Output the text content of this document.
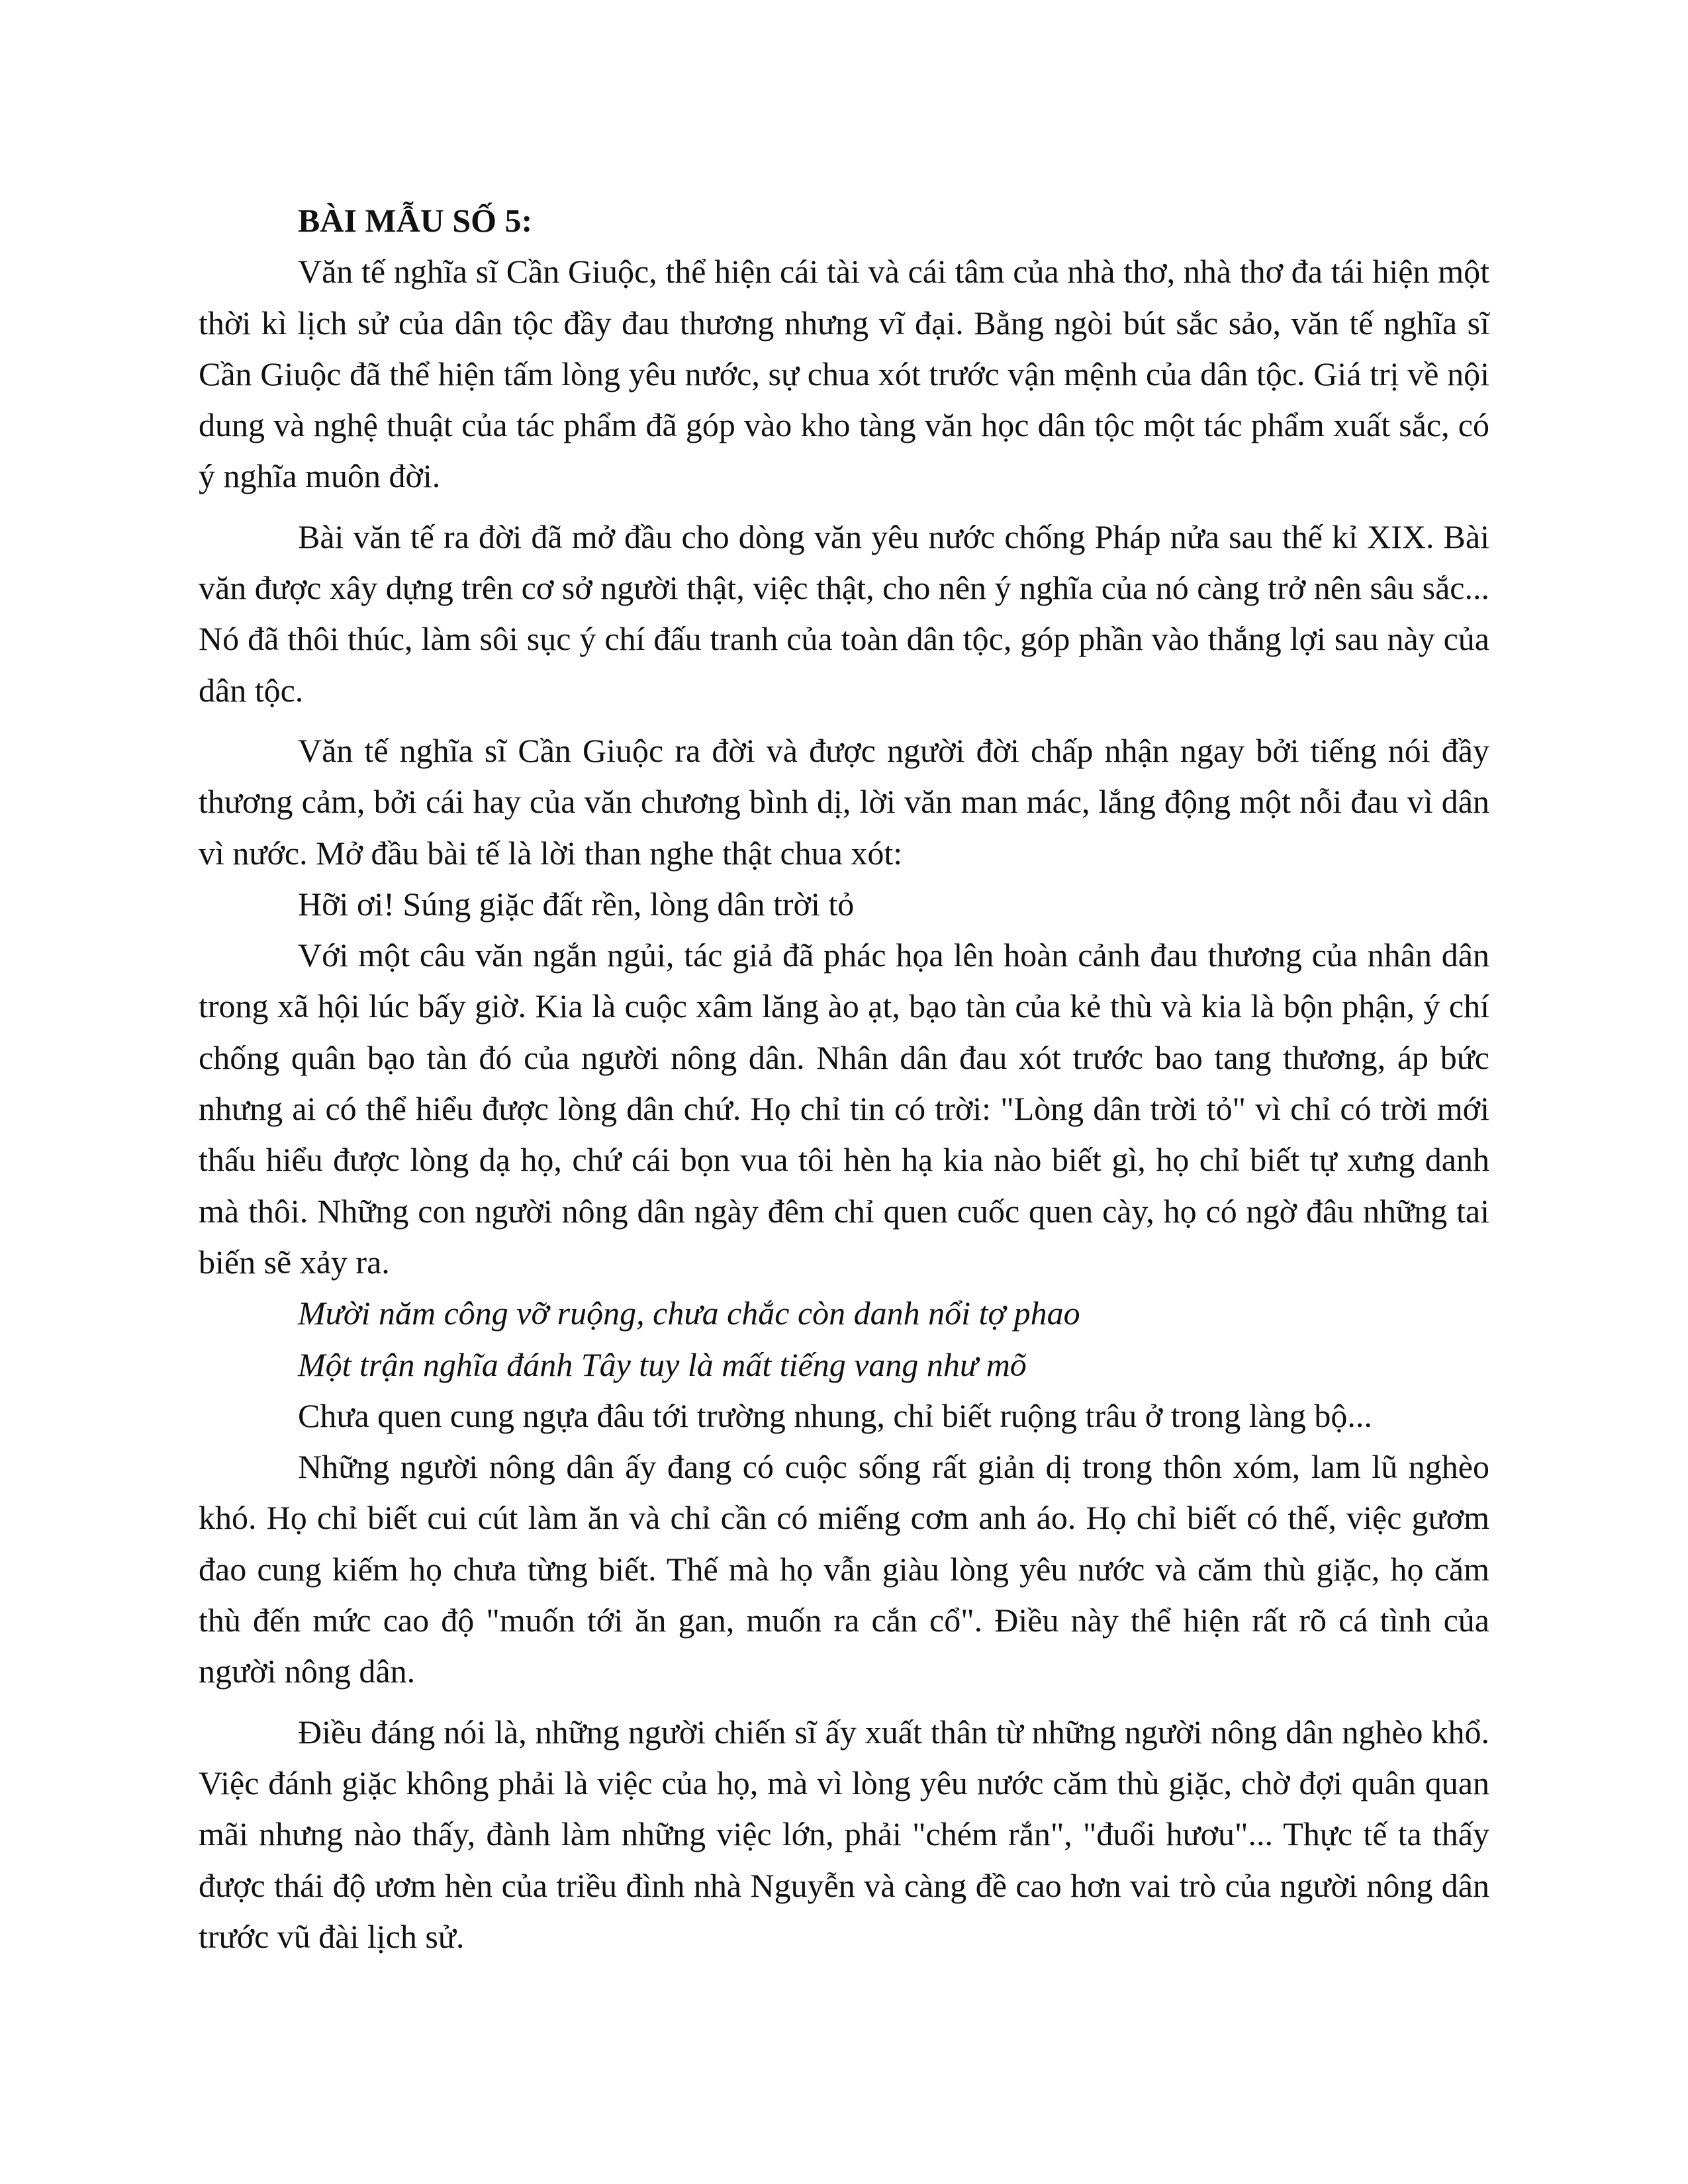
BÀI MẪU SỐ 5:

Văn tế nghĩa sĩ Cần Giuộc, thể hiện cái tài và cái tâm của nhà thơ, nhà thơ đa tái hiện một thời kì lịch sử của dân tộc đầy đau thương nhưng vĩ đại. Bằng ngòi bút sắc sảo, văn tế nghĩa sĩ Cần Giuộc đã thể hiện tấm lòng yêu nước, sự chua xót trước vận mệnh của dân tộc. Giá trị về nội dung và nghệ thuật của tác phẩm đã góp vào kho tàng văn học dân tộc một tác phẩm xuất sắc, có ý nghĩa muôn đời.

Bài văn tế ra đời đã mở đầu cho dòng văn yêu nước chống Pháp nửa sau thế kỉ XIX. Bài văn được xây dựng trên cơ sở người thật, việc thật, cho nên ý nghĩa của nó càng trở nên sâu sắc... Nó đã thôi thúc, làm sôi sục ý chí đấu tranh của toàn dân tộc, góp phần vào thắng lợi sau này của dân tộc.

Văn tế nghĩa sĩ Cần Giuộc ra đời và được người đời chấp nhận ngay bởi tiếng nói đầy thương cảm, bởi cái hay của văn chương bình dị, lời văn man mác, lắng động một nỗi đau vì dân vì nước. Mở đầu bài tế là lời than nghe thật chua xót:

Hỡi ơi! Súng giặc đất rền, lòng dân trời tỏ

Với một câu văn ngắn ngủi, tác giả đã phác họa lên hoàn cảnh đau thương của nhân dân trong xã hội lúc bấy giờ. Kia là cuộc xâm lăng ào ạt, bạo tàn của kẻ thù và kia là bộn phận, ý chí chống quân bạo tàn đó của người nông dân. Nhân dân đau xót trước bao tang thương, áp bức nhưng ai có thể hiểu được lòng dân chứ. Họ chỉ tin có trời: "Lòng dân trời tỏ" vì chỉ có trời mới thấu hiểu được lòng dạ họ, chứ cái bọn vua tôi hèn hạ kia nào biết gì, họ chỉ biết tự xưng danh mà thôi. Những con người nông dân ngày đêm chỉ quen cuốc quen cày, họ có ngờ đâu những tai biến sẽ xảy ra.

Mười năm công vỡ ruộng, chưa chắc còn danh nổi tợ phao

Một trận nghĩa đánh Tây tuy là mất tiếng vang như mõ

Chưa quen cung ngựa đâu tới trường nhung, chỉ biết ruộng trâu ở trong làng bộ...

Những người nông dân ấy đang có cuộc sống rất giản dị trong thôn xóm, lam lũ nghèo khó. Họ chỉ biết cui cút làm ăn và chỉ cần có miếng cơm anh áo. Họ chỉ biết có thế, việc gươm đao cung kiếm họ chưa từng biết. Thế mà họ vẫn giàu lòng yêu nước và căm thù giặc, họ căm thù đến mức cao độ "muốn tới ăn gan, muốn ra cắn cổ". Điều này thể hiện rất rõ cá tình của người nông dân.

Điều đáng nói là, những người chiến sĩ ấy xuất thân từ những người nông dân nghèo khổ. Việc đánh giặc không phải là việc của họ, mà vì lòng yêu nước căm thù giặc, chờ đợi quân quan mãi nhưng nào thấy, đành làm những việc lớn, phải "chém rắn", "đuổi hươu"... Thực tế ta thấy được thái độ ươm hèn của triều đình nhà Nguyễn và càng đề cao hơn vai trò của người nông dân trước vũ đài lịch sử.
